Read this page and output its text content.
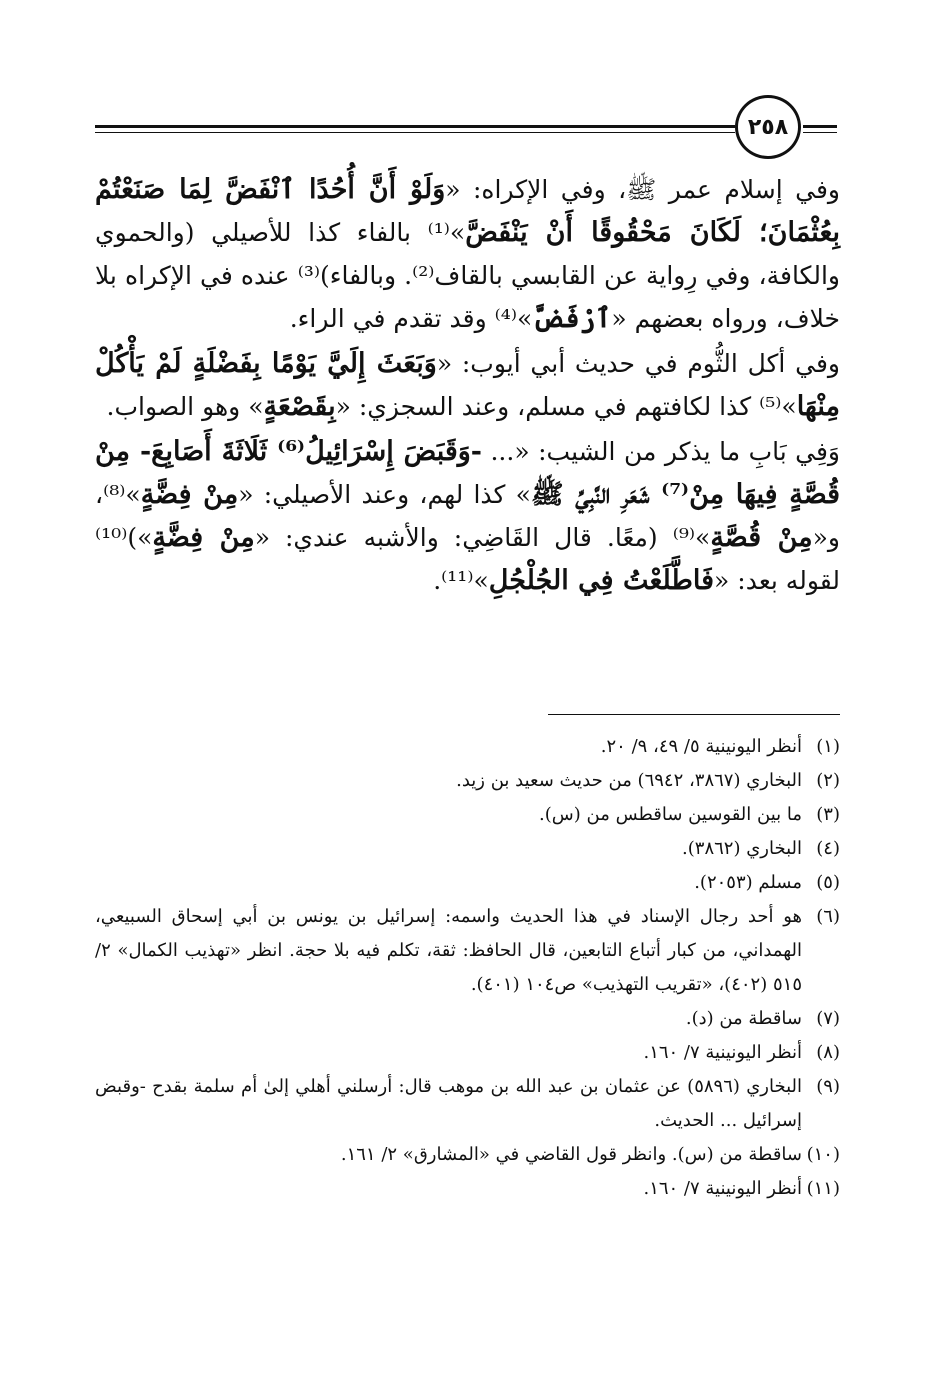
٢٥٨

وفي إسلام عمر ﷺ، وفي الإكراه: «وَلَوْ أَنَّ أُحُدًا ٱنْفَضَّ لِمَا صَنَعْتُمْ بِعُثْمَانَ؛ لَكَانَ مَحْقُوقًا أَنْ يَنْفَضَّ»⁽¹⁾ بالفاء كذا للأصيلي (والحموي والكافة، وفي رِواية عن القابسي بالقاف⁽²⁾. وبالفاء)⁽³⁾ عنده في الإكراه بلا خلاف، ورواه بعضهم «ٱرْفَضَّ»⁽⁴⁾ وقد تقدم في الراء.

وفي أكل الثُّوم في حديث أبي أيوب: «وَبَعَثَ إِلَيَّ يَوْمًا بِفَضْلَةٍ لَمْ يَأْكُلْ مِنْهَا»⁽⁵⁾ كذا لكافتهم في مسلم، وعند السجزي: «بِقَصْعَةٍ» وهو الصواب.

وَفِي بَابِ ما يذكر من الشيب: «... -وَقَبَضَ إِسْرَائِيلُ⁽⁶⁾ ثَلَاثَةَ أَصَابِعَ- مِنْ قُصَّةٍ فِيهَا مِنْ⁽⁷⁾ شَعَرِ النَّبِيِّ ﷺ» كذا لهم، وعند الأصيلي: «مِنْ فِضَّةٍ»⁽⁸⁾، و«مِنْ قُصَّةٍ»⁽⁹⁾ (معًا. قال القَاضِي: والأشبه عندي: «مِنْ فِضَّةٍ»)⁽¹⁰⁾ لقوله بعد: «فَاطَّلَعْتُ فِي الجُلْجُلِ»⁽¹¹⁾.

(١)
أنظر اليونينية ٥/ ٤٩، ٩/ ٢٠.
(٢)
البخاري (٣٨٦٧، ٦٩٤٢) من حديث سعيد بن زيد.
(٣)
ما بين القوسين ساقطس من (س).
(٤)
البخاري (٣٨٦٢).
(٥)
مسلم (٢٠٥٣).
(٦)
هو أحد رجال الإسناد في هذا الحديث واسمه: إسرائيل بن يونس بن أبي إسحاق السبيعي، الهمداني، من كبار أتباع التابعين، قال الحافظ: ثقة، تكلم فيه بلا حجة. انظر «تهذيب الكمال» ٢/ ٥١٥ (٤٠٢)، «تقريب التهذيب» ص١٠٤ (٤٠١).
(٧)
ساقطة من (د).
(٨)
أنظر اليونينية ٧/ ١٦٠.
(٩)
البخاري (٥٨٩٦) عن عثمان بن عبد الله بن موهب قال: أرسلني أهلي إلىٰ أم سلمة بقدح -وقبض إسرائيل ... الحديث.
(١٠)
ساقطة من (س). وانظر قول القاضي في «المشارق» ٢/ ١٦١.
(١١)
أنظر اليونينية ٧/ ١٦٠.
